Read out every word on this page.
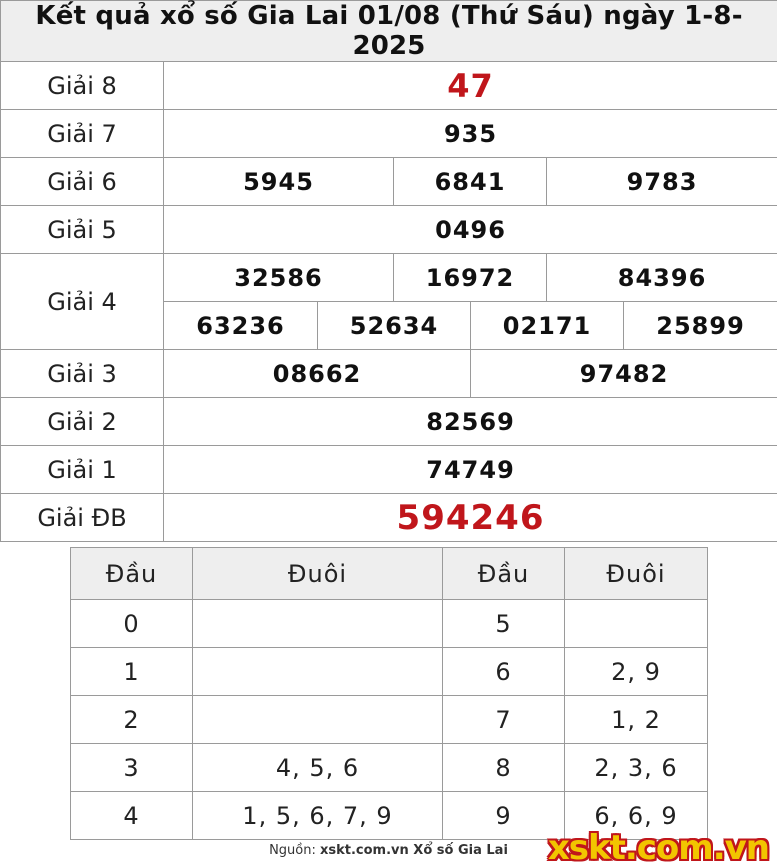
Kết quả xổ số Gia Lai 01/08 (Thứ Sáu) ngày 1-8-2025						
Giải 8	47					
Giải 7	935					
Giải 6	5945		6841		9783	
Giải 5	0496					
Giải 4	32586		16972		84396	
	63236	52634		02171		25899
Giải 3	08662			97482		
Giải 2	82569					
Giải 1	74749					
Giải ĐB	594246					
Đầu	Đuôi	Đầu	Đuôi
0		5	
1		6	2, 9
2		7	1, 2
3	4, 5, 6	8	2, 3, 6
4	1, 5, 6, 7, 9	9	6, 6, 9
Nguồn: xskt.com.vn Xổ số Gia Lai	xskt.com.vn
